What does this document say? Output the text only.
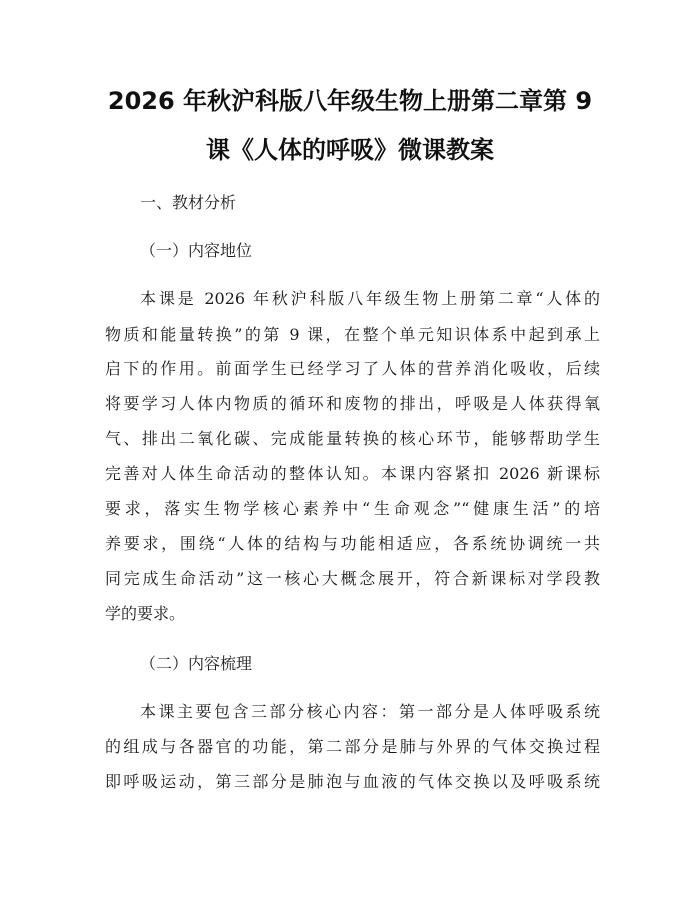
2026 年秋沪科版八年级生物上册第二章第 9
课《人体的呼吸》微课教案
一、教材分析
（一）内容地位
本课是 2026 年秋沪科版八年级生物上册第二章“人体的
物质和能量转换”的第 9 课，在整个单元知识体系中起到承上
启下的作用。前面学生已经学习了人体的营养消化吸收，后续
将要学习人体内物质的循环和废物的排出，呼吸是人体获得氧
气、排出二氧化碳、完成能量转换的核心环节，能够帮助学生
完善对人体生命活动的整体认知。本课内容紧扣 2026 新课标
要求，落实生物学核心素养中“生命观念”“健康生活”的培
养要求，围绕“人体的结构与功能相适应，各系统协调统一共
同完成生命活动”这一核心大概念展开，符合新课标对学段教
学的要求。
（二）内容梳理
本课主要包含三部分核心内容：第一部分是人体呼吸系统
的组成与各器官的功能，第二部分是肺与外界的气体交换过程
即呼吸运动，第三部分是肺泡与血液的气体交换以及呼吸系统
